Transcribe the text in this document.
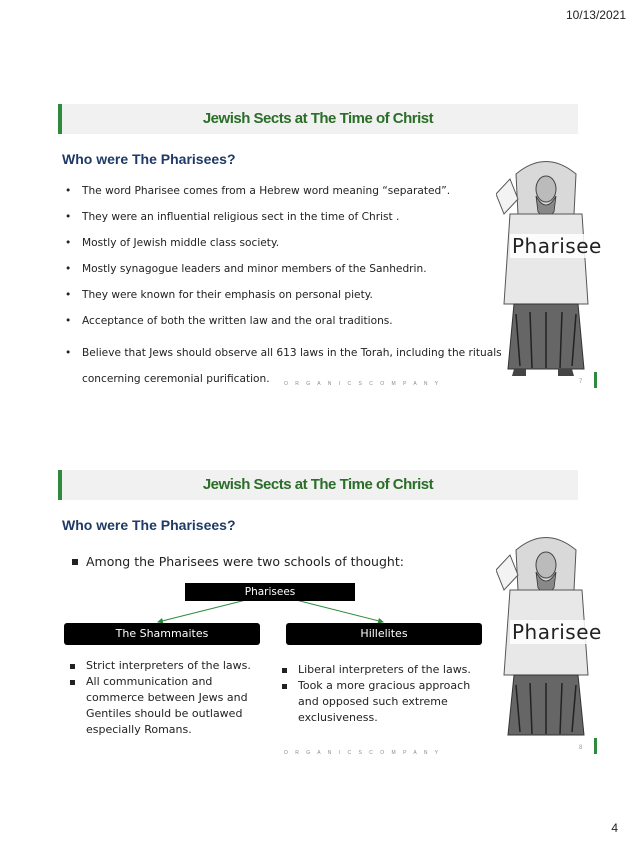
10/13/2021
4
Jewish Sects at The Time of Christ
Who were The Pharisees?
• The word Pharisee comes from a Hebrew word meaning “separated”.
• They were an influential religious sect in the time of Christ .
• Mostly of Jewish middle class society.
• Mostly synagogue leaders and minor members of the Sanhedrin.
• They were known for their emphasis on personal piety.
• Acceptance of both the written law and the oral traditions.
• Believe that Jews should observe all 613 laws in the Torah, including the rituals concerning ceremonial purification.	O R G A N I C S C O M P A N Y	7
Pharisee
Jewish Sects at The Time of Christ
Who were The Pharisees?
Among the Pharisees were two schools of thought:
Pharisees
The Shammaites	Hillelites
Strict interpreters of the laws.
All communication and commerce between Jews and Gentiles should be outlawed especially Romans.
Liberal interpreters of the laws.
Took a more gracious approach and opposed such extreme exclusiveness.
O R G A N I C S C O M P A N Y
8
Pharisee
